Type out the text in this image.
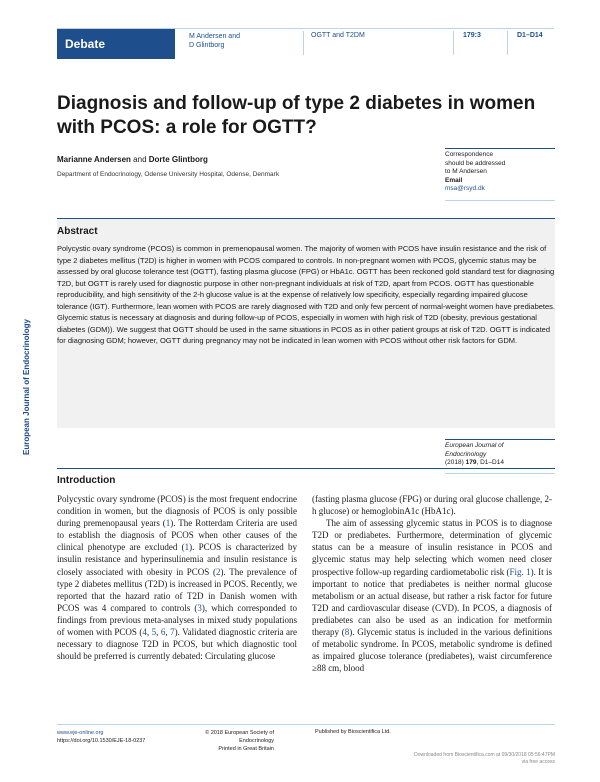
Debate
M Andersen and
D Glintborg
OGTT and T2DM	179:3	D1–D14
Diagnosis and follow-up of type 2 diabetes in women with PCOS: a role for OGTT?
Marianne Andersen and Dorte Glintborg
Department of Endocrinology, Odense University Hospital, Odense, Denmark
Correspondence
should be addressed
to M Andersen
Email
msa@rsyd.dk
Abstract

Polycystic ovary syndrome (PCOS) is common in premenopausal women. The majority of women with PCOS have insulin resistance and the risk of type 2 diabetes mellitus (T2D) is higher in women with PCOS compared to controls. In non-pregnant women with PCOS, glycemic status may be assessed by oral glucose tolerance test (OGTT), fasting plasma glucose (FPG) or HbA1c. OGTT has been reckoned gold standard test for diagnosing T2D, but OGTT is rarely used for diagnostic purpose in other non-pregnant individuals at risk of T2D, apart from PCOS. OGTT has questionable reproducibility, and high sensitivity of the 2-h glucose value is at the expense of relatively low specificity, especially regarding impaired glucose tolerance (IGT). Furthermore, lean women with PCOS are rarely diagnosed with T2D and only few percent of normal-weight women have prediabetes. Glycemic status is necessary at diagnosis and during follow-up of PCOS, especially in women with high risk of T2D (obesity, previous gestational diabetes (GDM)). We suggest that OGTT should be used in the same situations in PCOS as in other patient groups at risk of T2D. OGTT is indicated for diagnosing GDM; however, OGTT during pregnancy may not be indicated in lean women with PCOS without other risk factors for GDM.

European Journal of Endocrinology	European Journal of
Endocrinology
(2018) 179, D1–D14
Introduction

Polycystic ovary syndrome (PCOS) is the most frequent endocrine condition in women, but the diagnosis of PCOS is only possible during premenopausal years (1). The Rotterdam Criteria are used to establish the diagnosis of PCOS when other causes of the clinical phenotype are excluded (1). PCOS is characterized by insulin resistance and hyperinsulinemia and insulin resistance is closely associated with obesity in PCOS (2). The prevalence of type 2 diabetes mellitus (T2D) is increased in PCOS. Recently, we reported that the hazard ratio of T2D in Danish women with PCOS was 4 compared to controls (3), which corresponded to findings from previous meta-analyses in mixed study populations of women with PCOS (4, 5, 6, 7). Validated diagnostic criteria are necessary to diagnose T2D in PCOS, but which diagnostic tool should be preferred is currently debated: Circulating glucose

(fasting plasma glucose (FPG) or during oral glucose challenge, 2-h glucose) or hemoglobinA1c (HbA1c).

The aim of assessing glycemic status in PCOS is to diagnose T2D or prediabetes. Furthermore, determination of glycemic status can be a measure of insulin resistance in PCOS and glycemic status may help selecting which women need closer prospective follow-up regarding cardiometabolic risk (Fig. 1). It is important to notice that prediabetes is neither normal glucose metabolism or an actual disease, but rather a risk factor for future T2D and cardiovascular disease (CVD). In PCOS, a diagnosis of prediabetes can also be used as an indication for metformin therapy (8). Glycemic status is included in the various definitions of metabolic syndrome. In PCOS, metabolic syndrome is defined as impaired glucose tolerance (prediabetes), waist circumference ≥88 cm, blood

www.eje-online.org
https://doi.org/10.1530/EJE-18-0237
© 2018 European Society of Endocrinology
Printed in Great Britain
Published by Bioscientifica Ltd.
Downloaded from Bioscientifica.com at 09/30/2018 05:56:47PM
via free access
